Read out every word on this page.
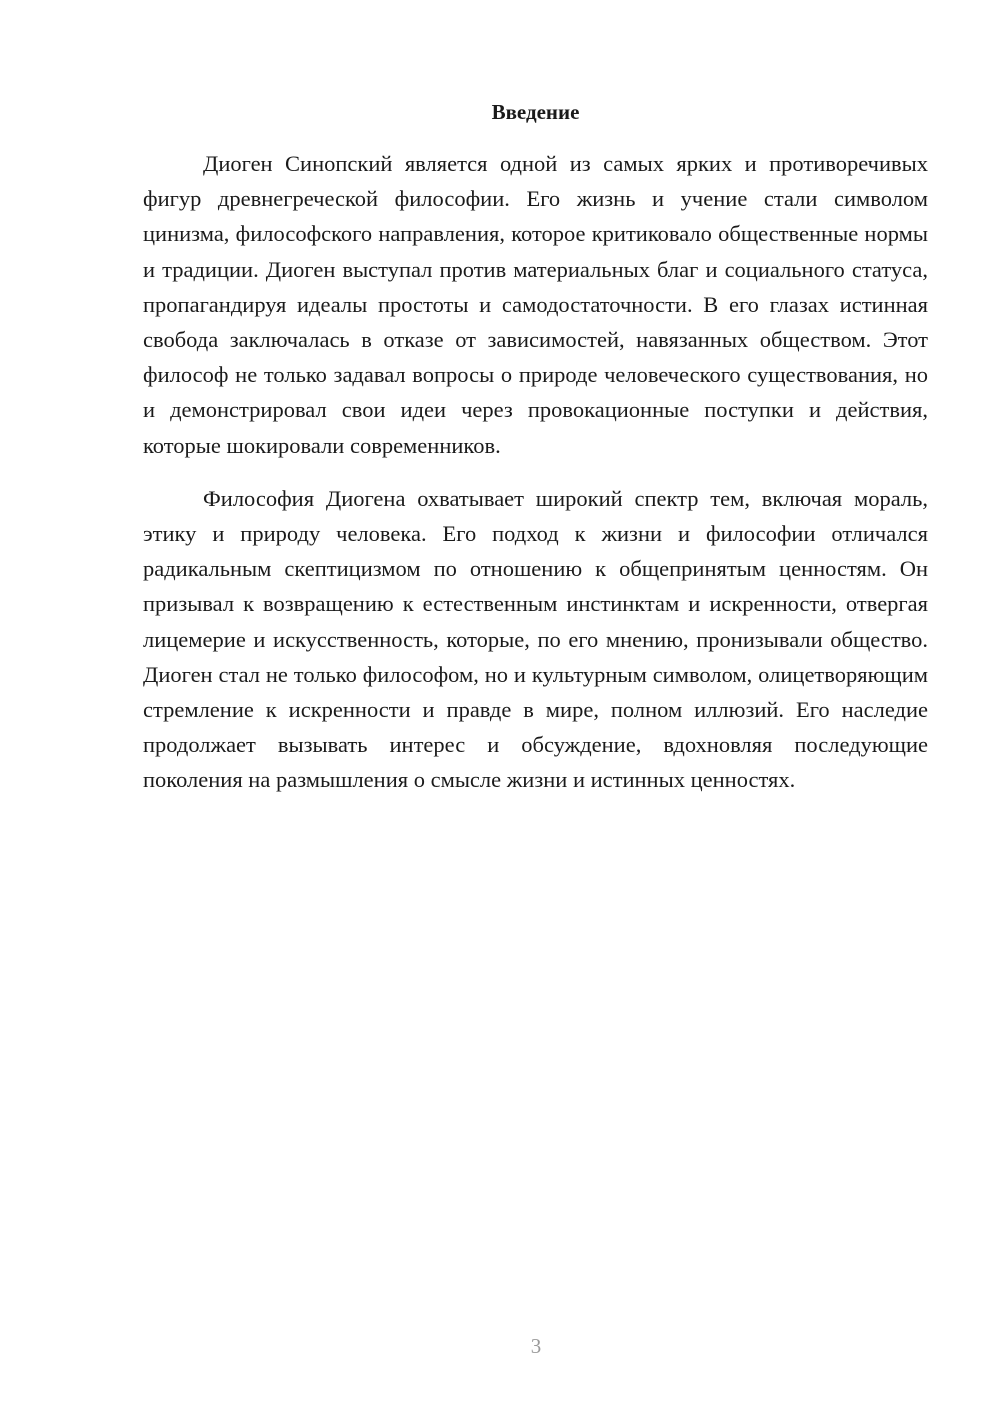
Введение

Диоген Синопский является одной из самых ярких и противоречивых фигур древнегреческой философии. Его жизнь и учение стали символом цинизма, философского направления, которое критиковало общественные нормы и традиции. Диоген выступал против материальных благ и социального статуса, пропагандируя идеалы простоты и самодостаточности. В его глазах истинная свобода заключалась в отказе от зависимостей, навязанных обществом. Этот философ не только задавал вопросы о природе человеческого существования, но и демонстрировал свои идеи через провокационные поступки и действия, которые шокировали современников.

Философия Диогена охватывает широкий спектр тем, включая мораль, этику и природу человека. Его подход к жизни и философии отличался радикальным скептицизмом по отношению к общепринятым ценностям. Он призывал к возвращению к естественным инстинктам и искренности, отвергая лицемерие и искусственность, которые, по его мнению, пронизывали общество. Диоген стал не только философом, но и культурным символом, олицетворяющим стремление к искренности и правде в мире, полном иллюзий. Его наследие продолжает вызывать интерес и обсуждение, вдохновляя последующие поколения на размышления о смысле жизни и истинных ценностях.

3
